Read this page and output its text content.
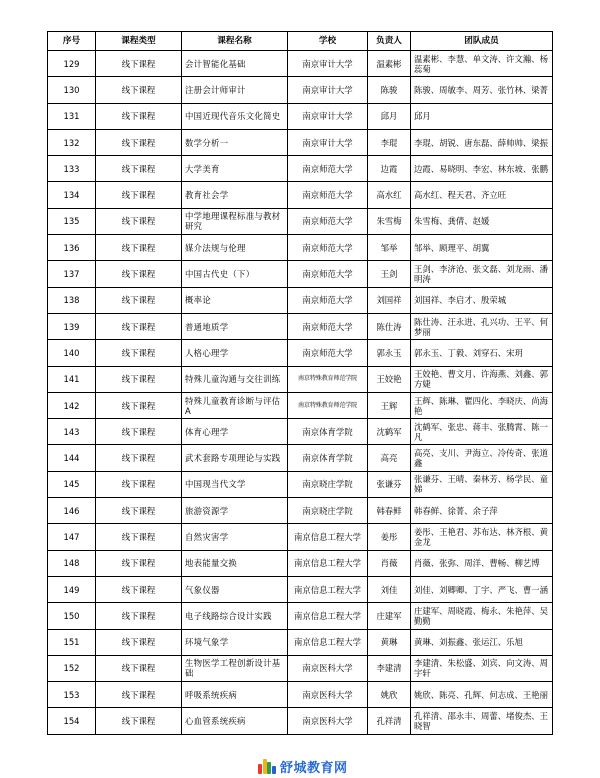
序号	课程类型	课程名称	学校	负责人	团队成员
129	线下课程	会计智能化基础	南京审计大学	温素彬	温素彬、李慧、单文涛、许文瀚、杨蕊菊
130	线下课程	注册会计师审计	南京审计大学	陈骏	陈骏、周敏李、周芳、张竹林、梁菁
131	线下课程	中国近现代音乐文化简史	南京审计大学	邱月	邱月
132	线下课程	数学分析一	南京审计大学	李琨	李琨、胡锐、唐东磊、薛帅帅、梁振
133	线下课程	大学美育	南京师范大学	边霞	边霞、易晓明、李宏、林东坡、张鹏
134	线下课程	教育社会学	南京师范大学	高水红	高水红、程天君、齐立旺
135	线下课程	中学地理课程标准与教材研究	南京师范大学	朱雪梅	朱雪梅、龚倩、赵媛
136	线下课程	媒介法规与伦理	南京师范大学	邹举	邹举、顾理平、胡翼
137	线下课程	中国古代史（下）	南京师范大学	王剑	王剑、李济沧、张文磊、刘龙雨、潘明涛
138	线下课程	概率论	南京师范大学	刘国祥	刘国祥、李启才、殷荣城
139	线下课程	普通地质学	南京师范大学	陈仕涛	陈仕涛、汪永进、孔兴功、王平、何梦丽
140	线下课程	人格心理学	南京师范大学	郭永玉	郭永玉、丁毅、刘穿石、宋玥
141	线下课程	特殊儿童沟通与交往训练	南京特殊教育师范学院	王姣艳	王姣艳、曹文月、许海燕、刘鑫、郭方婕
142	线下课程	特殊儿童教育诊断与评估A	南京特殊教育师范学院	王辉	王辉、陈琳、瞿四化、李晓庆、尚海艳
143	线下课程	体育心理学	南京体育学院	沈鹤军	沈鹤军、张忠、蒋丰、张腾霄、陈一凡
144	线下课程	武术套路专项理论与实践	南京体育学院	高亮	高亮、支川、尹海立、冷传奇、张道鑫
145	线下课程	中国现当代文学	南京晓庄学院	张谦芬	张谦芬、王晴、秦林芳、杨学民、童娣
146	线下课程	旅游资源学	南京晓庄学院	韩春鲜	韩春鲜、徐菁、余子萍
147	线下课程	自然灾害学	南京信息工程大学	姜彤	姜彤、王艳君、苏布达、林齐根、黄金龙
148	线下课程	地表能量交换	南京信息工程大学	肖薇	肖薇、张弥、周洋、曹畅、柳艺博
149	线下课程	气象仪器	南京信息工程大学	刘佳	刘佳、刘卿卿、丁宇、严飞、曹一涵
150	线下课程	电子线路综合设计实践	南京信息工程大学	庄建军	庄建军、周晓霞、梅永、朱艳萍、吴勤勤
151	线下课程	环境气象学	南京信息工程大学	黄琳	黄琳、刘振鑫、张运江、乐旭
152	线下课程	生物医学工程创新设计基础	南京医科大学	李建清	李建清、朱松盛、刘宾、向文涛、周宇轩
153	线下课程	呼吸系统疾病	南京医科大学	姚欣	姚欣、陈亮、孔辉、何志成、王艳丽
154	线下课程	心血管系统疾病	南京医科大学	孔祥清	孔祥清、邵永丰、周蕾、堵俊杰、王晓智
舒城教育网
